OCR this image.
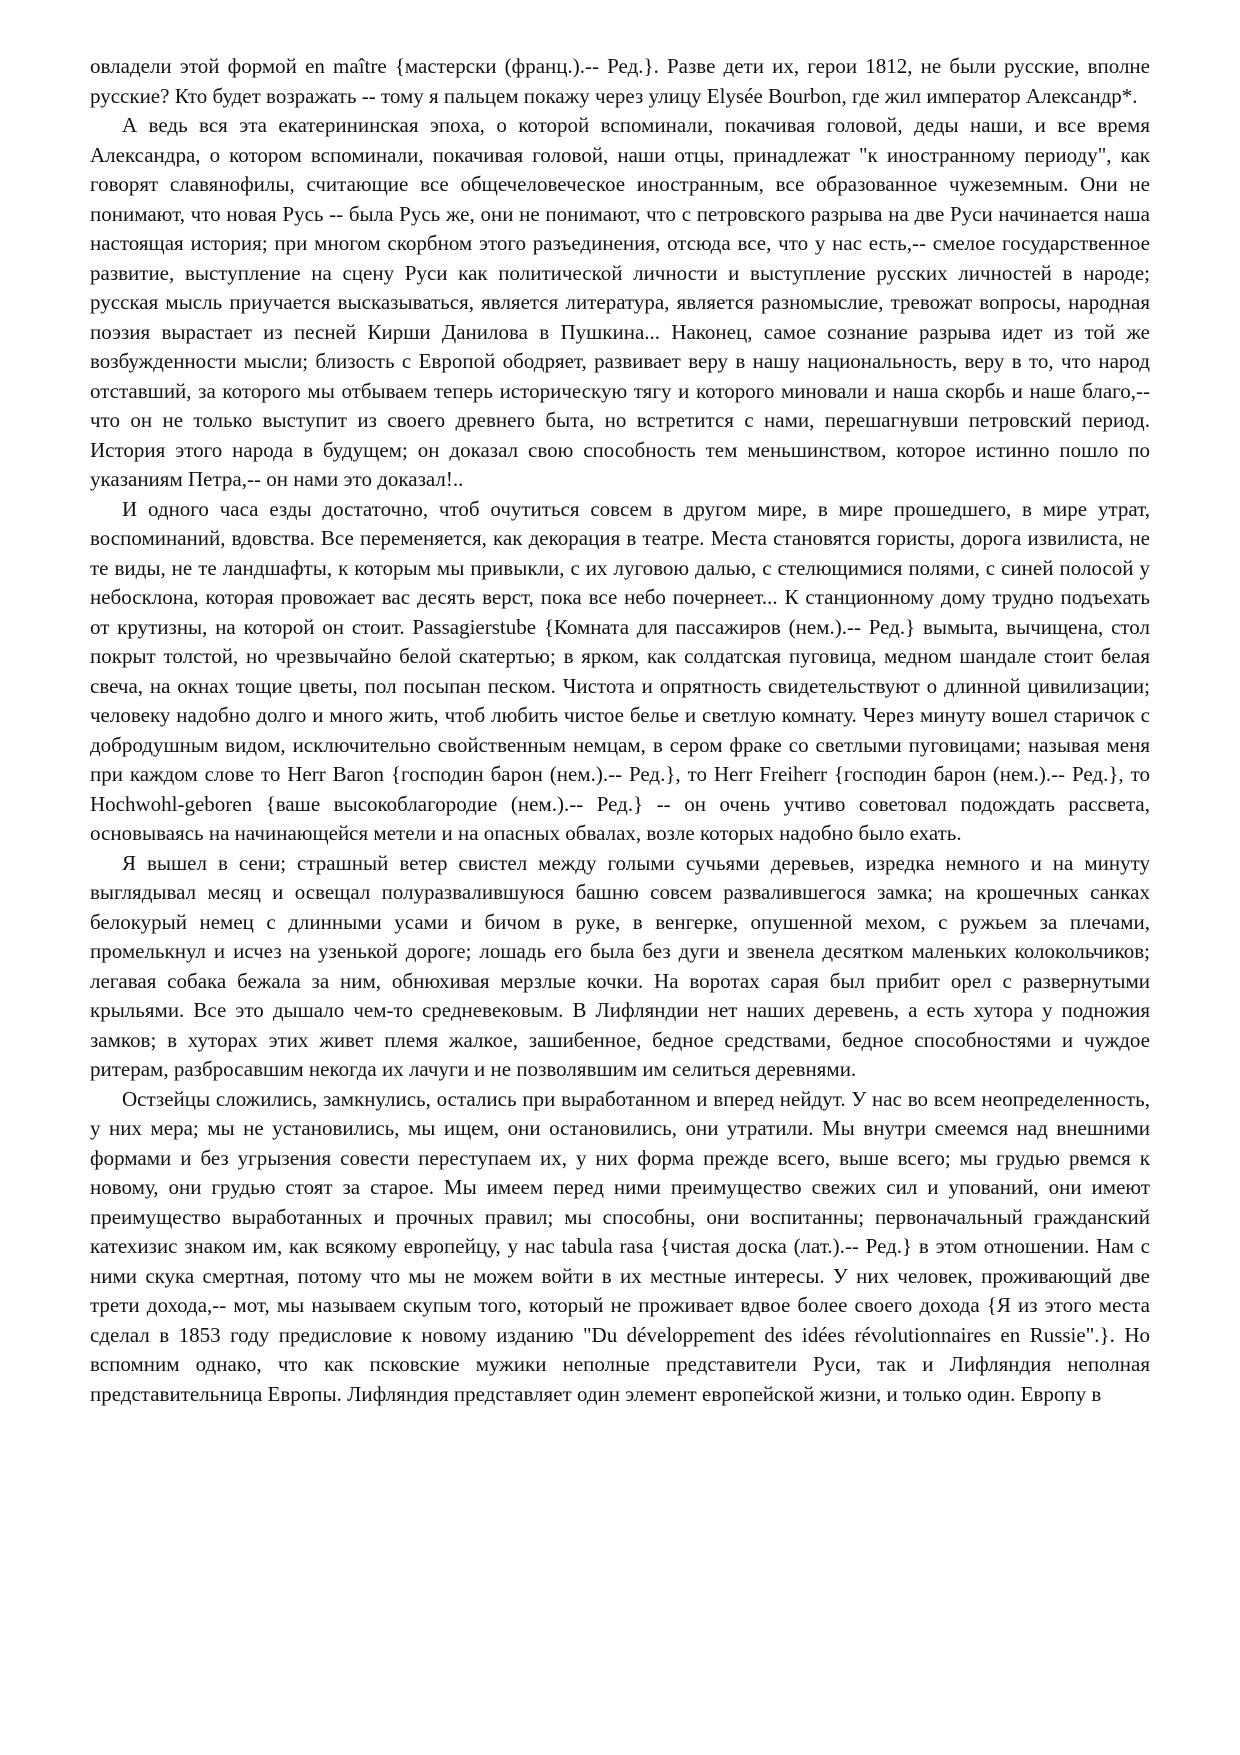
овладели этой формой en maître {мастерски (франц.).-- Ред.}. Разве дети их, герои 1812, не были русские, вполне русские? Кто будет возражать -- тому я пальцем покажу через улицу Elysée Bourbon, где жил император Александр*.

А ведь вся эта екатерининская эпоха, о которой вспоминали, покачивая головой, деды наши, и все время Александра, о котором вспоминали, покачивая головой, наши отцы, принадлежат "к иностранному периоду", как говорят славянофилы, считающие все общечеловеческое иностранным, все образованное чужеземным. Они не понимают, что новая Русь -- была Русь же, они не понимают, что с петровского разрыва на две Руси начинается наша настоящая история; при многом скорбном этого разъединения, отсюда все, что у нас есть,-- смелое государственное развитие, выступление на сцену Руси как политической личности и выступление русских личностей в народе; русская мысль приучается высказываться, является литература, является разномыслие, тревожат вопросы, народная поэзия вырастает из песней Кирши Данилова в Пушкина... Наконец, самое сознание разрыва идет из той же возбужденности мысли; близость с Европой ободряет, развивает веру в нашу национальность, веру в то, что народ отставший, за которого мы отбываем теперь историческую тягу и которого миновали и наша скорбь и наше благо,-- что он не только выступит из своего древнего быта, но встретится с нами, перешагнувши петровский период. История этого народа в будущем; он доказал свою способность тем меньшинством, которое истинно пошло по указаниям Петра,-- он нами это доказал!..

И одного часа езды достаточно, чтоб очутиться совсем в другом мире, в мире прошедшего, в мире утрат, воспоминаний, вдовства. Все переменяется, как декорация в театре. Места становятся гористы, дорога извилиста, не те виды, не те ландшафты, к которым мы привыкли, с их луговою далью, с стелющимися полями, с синей полосой у небосклона, которая провожает вас десять верст, пока все небо почернеет... К станционному дому трудно подъехать от крутизны, на которой он стоит. Passagierstube {Комната для пассажиров (нем.).-- Ред.} вымыта, вычищена, стол покрыт толстой, но чрезвычайно белой скатертью; в ярком, как солдатская пуговица, медном шандале стоит белая свеча, на окнах тощие цветы, пол посыпан песком. Чистота и опрятность свидетельствуют о длинной цивилизации; человеку надобно долго и много жить, чтоб любить чистое белье и светлую комнату. Через минуту вошел старичок с добродушным видом, исключительно свойственным немцам, в сером фраке со светлыми пуговицами; называя меня при каждом слове то Herr Baron {господин барон (нем.).-- Ред.}, то Herr Freiherr {господин барон (нем.).-- Ред.}, то Hochwohl-geboren {ваше высокоблагородие (нем.).-- Ред.} -- он очень учтиво советовал подождать рассвета, основываясь на начинающейся метели и на опасных обвалах, возле которых надобно было ехать.

Я вышел в сени; страшный ветер свистел между голыми сучьями деревьев, изредка немного и на минуту выглядывал месяц и освещал полуразвалившуюся башню совсем развалившегося замка; на крошечных санках белокурый немец с длинными усами и бичом в руке, в венгерке, опушенной мехом, с ружьем за плечами, промелькнул и исчез на узенькой дороге; лошадь его была без дуги и звенела десятком маленьких колокольчиков; легавая собака бежала за ним, обнюхивая мерзлые кочки. На воротах сарая был прибит орел с развернутыми крыльями. Все это дышало чем-то средневековым. В Лифляндии нет наших деревень, а есть хутора у подножия замков; в хуторах этих живет племя жалкое, зашибенное, бедное средствами, бедное способностями и чуждое ритерам, разбросавшим некогда их лачуги и не позволявшим им селиться деревнями.

Остзейцы сложились, замкнулись, остались при выработанном и вперед нейдут. У нас во всем неопределенность, у них мера; мы не установились, мы ищем, они остановились, они утратили. Мы внутри смеемся над внешними формами и без угрызения совести переступаем их, у них форма прежде всего, выше всего; мы грудью рвемся к новому, они грудью стоят за старое. Мы имеем перед ними преимущество свежих сил и упований, они имеют преимущество выработанных и прочных правил; мы способны, они воспитанны; первоначальный гражданский катехизис знаком им, как всякому европейцу, у нас tabula rasa {чистая доска (лат.).-- Ред.} в этом отношении. Нам с ними скука смертная, потому что мы не можем войти в их местные интересы. У них человек, проживающий две трети дохода,-- мот, мы называем скупым того, который не проживает вдвое более своего дохода {Я из этого места сделал в 1853 году предисловие к новому изданию "Du développement des idées révolutionnaires en Russie".}. Но вспомним однако, что как псковские мужики неполные представители Руси, так и Лифляндия неполная представительница Европы. Лифляндия представляет один элемент европейской жизни, и только один. Европу в
